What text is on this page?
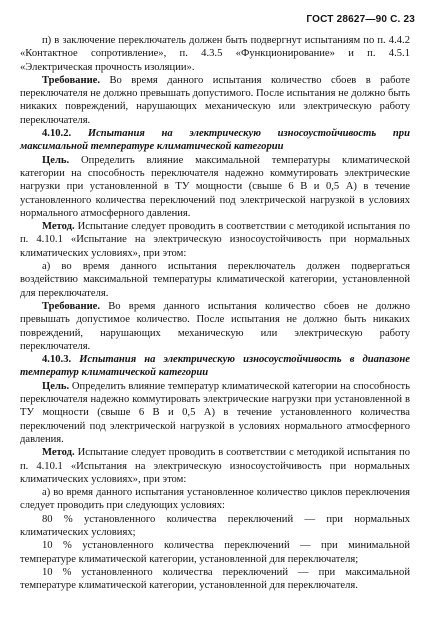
ГОСТ 28627—90 С. 23

п) в заключение переключатель должен быть подвергнут испытаниям по п. 4.4.2 «Контактное сопротивление», п. 4.3.5 «Функционирование» и п. 4.5.1 «Электрическая прочность изоляции».

Требование. Во время данного испытания количество сбоев в работе переключателя не должно превышать допустимого. После испытания не должно быть никаких повреждений, нарушающих механическую или электрическую работу переключателя.

4.10.2. Испытания на электрическую износоустойчивость при максимальной температуре климатической категории

Цель. Определить влияние максимальной температуры климатической категории на способность переключателя надежно коммутировать электрические нагрузки при установленной в ТУ мощности (свыше 6 В и 0,5 А) в течение установленного количества переключений под электрической нагрузкой в условиях нормального атмосферного давления.

Метод. Испытание следует проводить в соответствии с методикой испытания по п. 4.10.1 «Испытание на электрическую износоустойчивость при нормальных климатических условиях», при этом:

а) во время данного испытания переключатель должен подвергаться воздействию максимальной температуры климатической категории, установленной для переключателя.

Требование. Во время данного испытания количество сбоев не должно превышать допустимое количество. После испытания не должно быть никаких повреждений, нарушающих механическую или электрическую работу переключателя.

4.10.3. Испытания на электрическую износоустойчивость в диапазоне температур климатической категории

Цель. Определить влияние температур климатической категории на способность переключателя надежно коммутировать электрические нагрузки при установленной в ТУ мощности (свыше 6 В и 0,5 А) в течение установленного количества переключений под электрической нагрузкой в условиях нормального атмосферного давления.

Метод. Испытание следует проводить в соответствии с методикой испытания по п. 4.10.1 «Испытания на электрическую износоустойчивость при нормальных климатических условиях», при этом:

а) во время данного испытания установленное количество циклов переключения следует проводить при следующих условиях:

80 % установленного количества переключений — при нормальных климатических условиях;

10 % установленного количества переключений — при минимальной температуре климатической категории, установленной для переключателя;

10 % установленного количества переключений — при максимальной температуре климатической категории, установленной для переключателя.
